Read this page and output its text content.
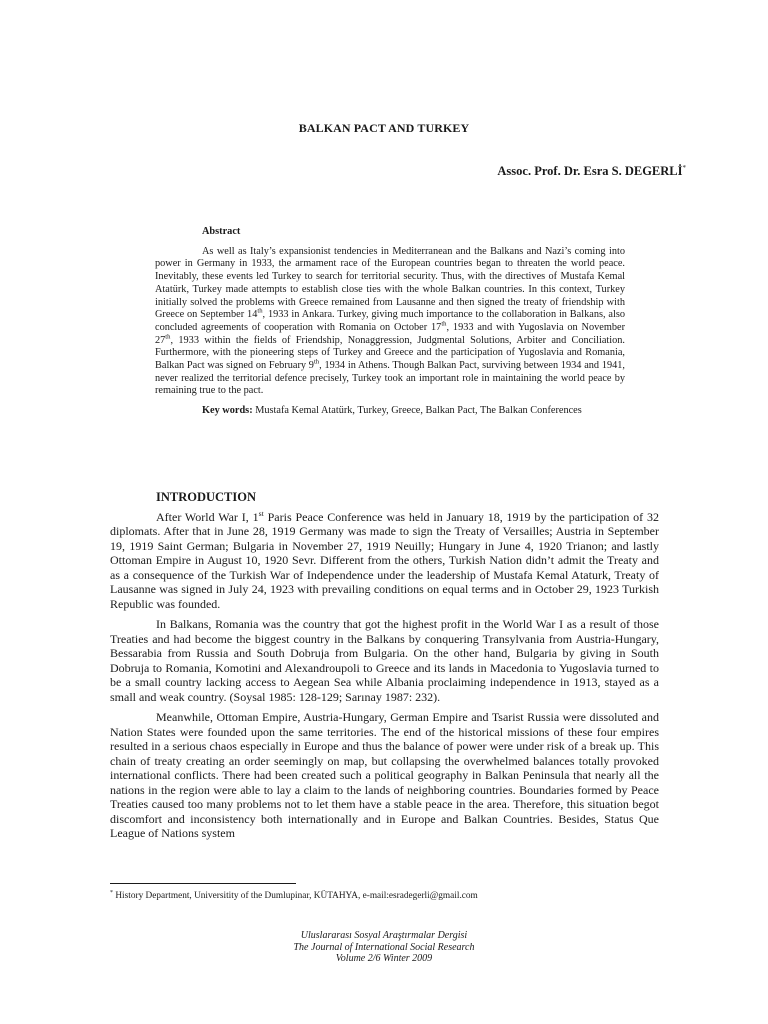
BALKAN PACT AND TURKEY
Assoc. Prof. Dr. Esra S. DEGERLİ*
Abstract

As well as Italy’s expansionist tendencies in Mediterranean and the Balkans and Nazi’s coming into power in Germany in 1933, the armament race of the European countries began to threaten the world peace. Inevitably, these events led Turkey to search for territorial security. Thus, with the directives of Mustafa Kemal Atatürk, Turkey made attempts to establish close ties with the whole Balkan countries. In this context, Turkey initially solved the problems with Greece remained from Lausanne and then signed the treaty of friendship with Greece on September 14th, 1933 in Ankara. Turkey, giving much importance to the collaboration in Balkans, also concluded agreements of cooperation with Romania on October 17th, 1933 and with Yugoslavia on November 27th, 1933 within the fields of Friendship, Nonaggression, Judgmental Solutions, Arbiter and Conciliation. Furthermore, with the pioneering steps of Turkey and Greece and the participation of Yugoslavia and Romania, Balkan Pact was signed on February 9th, 1934 in Athens. Though Balkan Pact, surviving between 1934 and 1941, never realized the territorial defence precisely, Turkey took an important role in maintaining the world peace by remaining true to the pact.

Key words: Mustafa Kemal Atatürk, Turkey, Greece, Balkan Pact, The Balkan Conferences

INTRODUCTION

After World War I, 1st Paris Peace Conference was held in January 18, 1919 by the participation of 32 diplomats. After that in June 28, 1919 Germany was made to sign the Treaty of Versailles; Austria in September 19, 1919 Saint German; Bulgaria in November 27, 1919 Neuilly; Hungary in June 4, 1920 Trianon; and lastly Ottoman Empire in August 10, 1920 Sevr. Different from the others, Turkish Nation didn’t admit the Treaty and as a consequence of the Turkish War of Independence under the leadership of Mustafa Kemal Ataturk, Treaty of Lausanne was signed in July 24, 1923 with prevailing conditions on equal terms and in October 29, 1923 Turkish Republic was founded.

In Balkans, Romania was the country that got the highest profit in the World War I as a result of those Treaties and had become the biggest country in the Balkans by conquering Transylvania from Austria-Hungary, Bessarabia from Russia and South Dobruja from Bulgaria. On the other hand, Bulgaria by giving in South Dobruja to Romania, Komotini and Alexandroupoli to Greece and its lands in Macedonia to Yugoslavia turned to be a small country lacking access to Aegean Sea while Albania proclaiming independence in 1913, stayed as a small and weak country. (Soysal 1985: 128-129; Sarınay 1987: 232).

Meanwhile, Ottoman Empire, Austria-Hungary, German Empire and Tsarist Russia were dissoluted and Nation States were founded upon the same territories. The end of the historical missions of these four empires resulted in a serious chaos especially in Europe and thus the balance of power were under risk of a break up. This chain of treaty creating an order seemingly on map, but collapsing the overwhelmed balances totally provoked international conflicts. There had been created such a political geography in Balkan Peninsula that nearly all the nations in the region were able to lay a claim to the lands of neighboring countries. Boundaries formed by Peace Treaties caused too many problems not to let them have a stable peace in the area. Therefore, this situation begot discomfort and inconsistency both internationally and in Europe and Balkan Countries. Besides, Status Que League of Nations system

* History Department, Universitity of the Dumlupinar, KÜTAHYA, e-mail:esradegerli@gmail.com
Uluslararası Sosyal Araştırmalar Dergisi
The Journal of International Social Research
Volume 2/6 Winter 2009
